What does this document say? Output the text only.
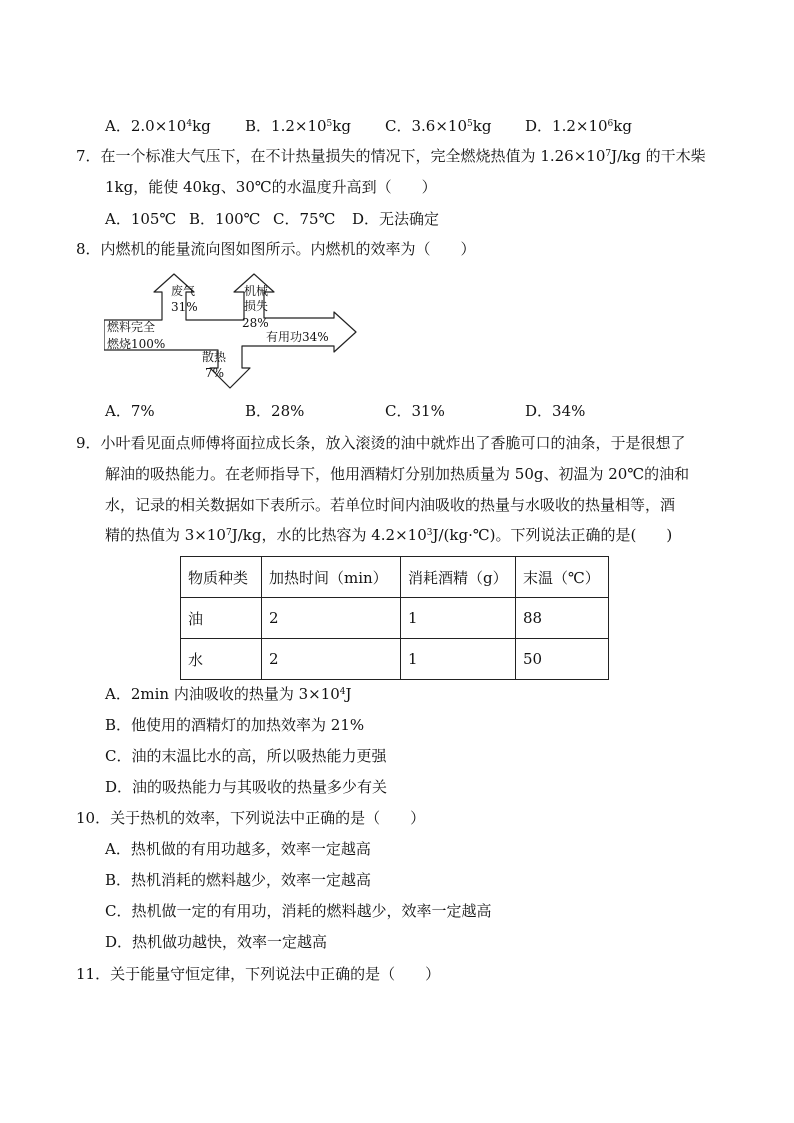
A．$2.0\times 10^4kg$ B．$1.2\times 10^5kg$ C．$3.6\times 10^5kg$ D．$1.2\times 10^6kg$
7．在一个标准大气压下，在不计热量损失的情况下，完全燃烧热值为 $1.26\times 10^7J/kg$ 的干木柴
1kg，能使 40kg、30℃的水温度升高到（　　）
A．105℃ B．100℃ C．75℃ D．无法确定
8．内燃机的能量流向图如图所示。内燃机的效率为（　　）
废气
31%
机械
损失
28%
燃料完全
燃烧100%	有用功34%
散热
7%
A．7%	B．28%	C．31%	D．34%
9．小叶看见面点师傅将面拉成长条，放入滚烫的油中就炸出了香脆可口的油条，于是很想了
解油的吸热能力。在老师指导下，他用酒精灯分别加热质量为 50g、初温为 20℃的油和
水，记录的相关数据如下表所示。若单位时间内油吸收的热量与水吸收的热量相等，酒
精的热值为 $3\times 10^7J/kg$，水的比热容为 $4.2\times 10^3J/(kg\cdot℃)$。下列说法正确的是(　　)
物质种类	加热时间（min）	消耗酒精（g）	末温（℃）
油	2	1	88
水	2	1	50
A．2min 内油吸收的热量为 $3\times 10^4J$
B．他使用的酒精灯的加热效率为 21%
C．油的末温比水的高，所以吸热能力更强
D．油的吸热能力与其吸收的热量多少有关
10．关于热机的效率，下列说法中正确的是（　　）
A．热机做的有用功越多，效率一定越高
B．热机消耗的燃料越少，效率一定越高
C．热机做一定的有用功，消耗的燃料越少，效率一定越高
D．热机做功越快，效率一定越高
11．关于能量守恒定律，下列说法中正确的是（　　）
